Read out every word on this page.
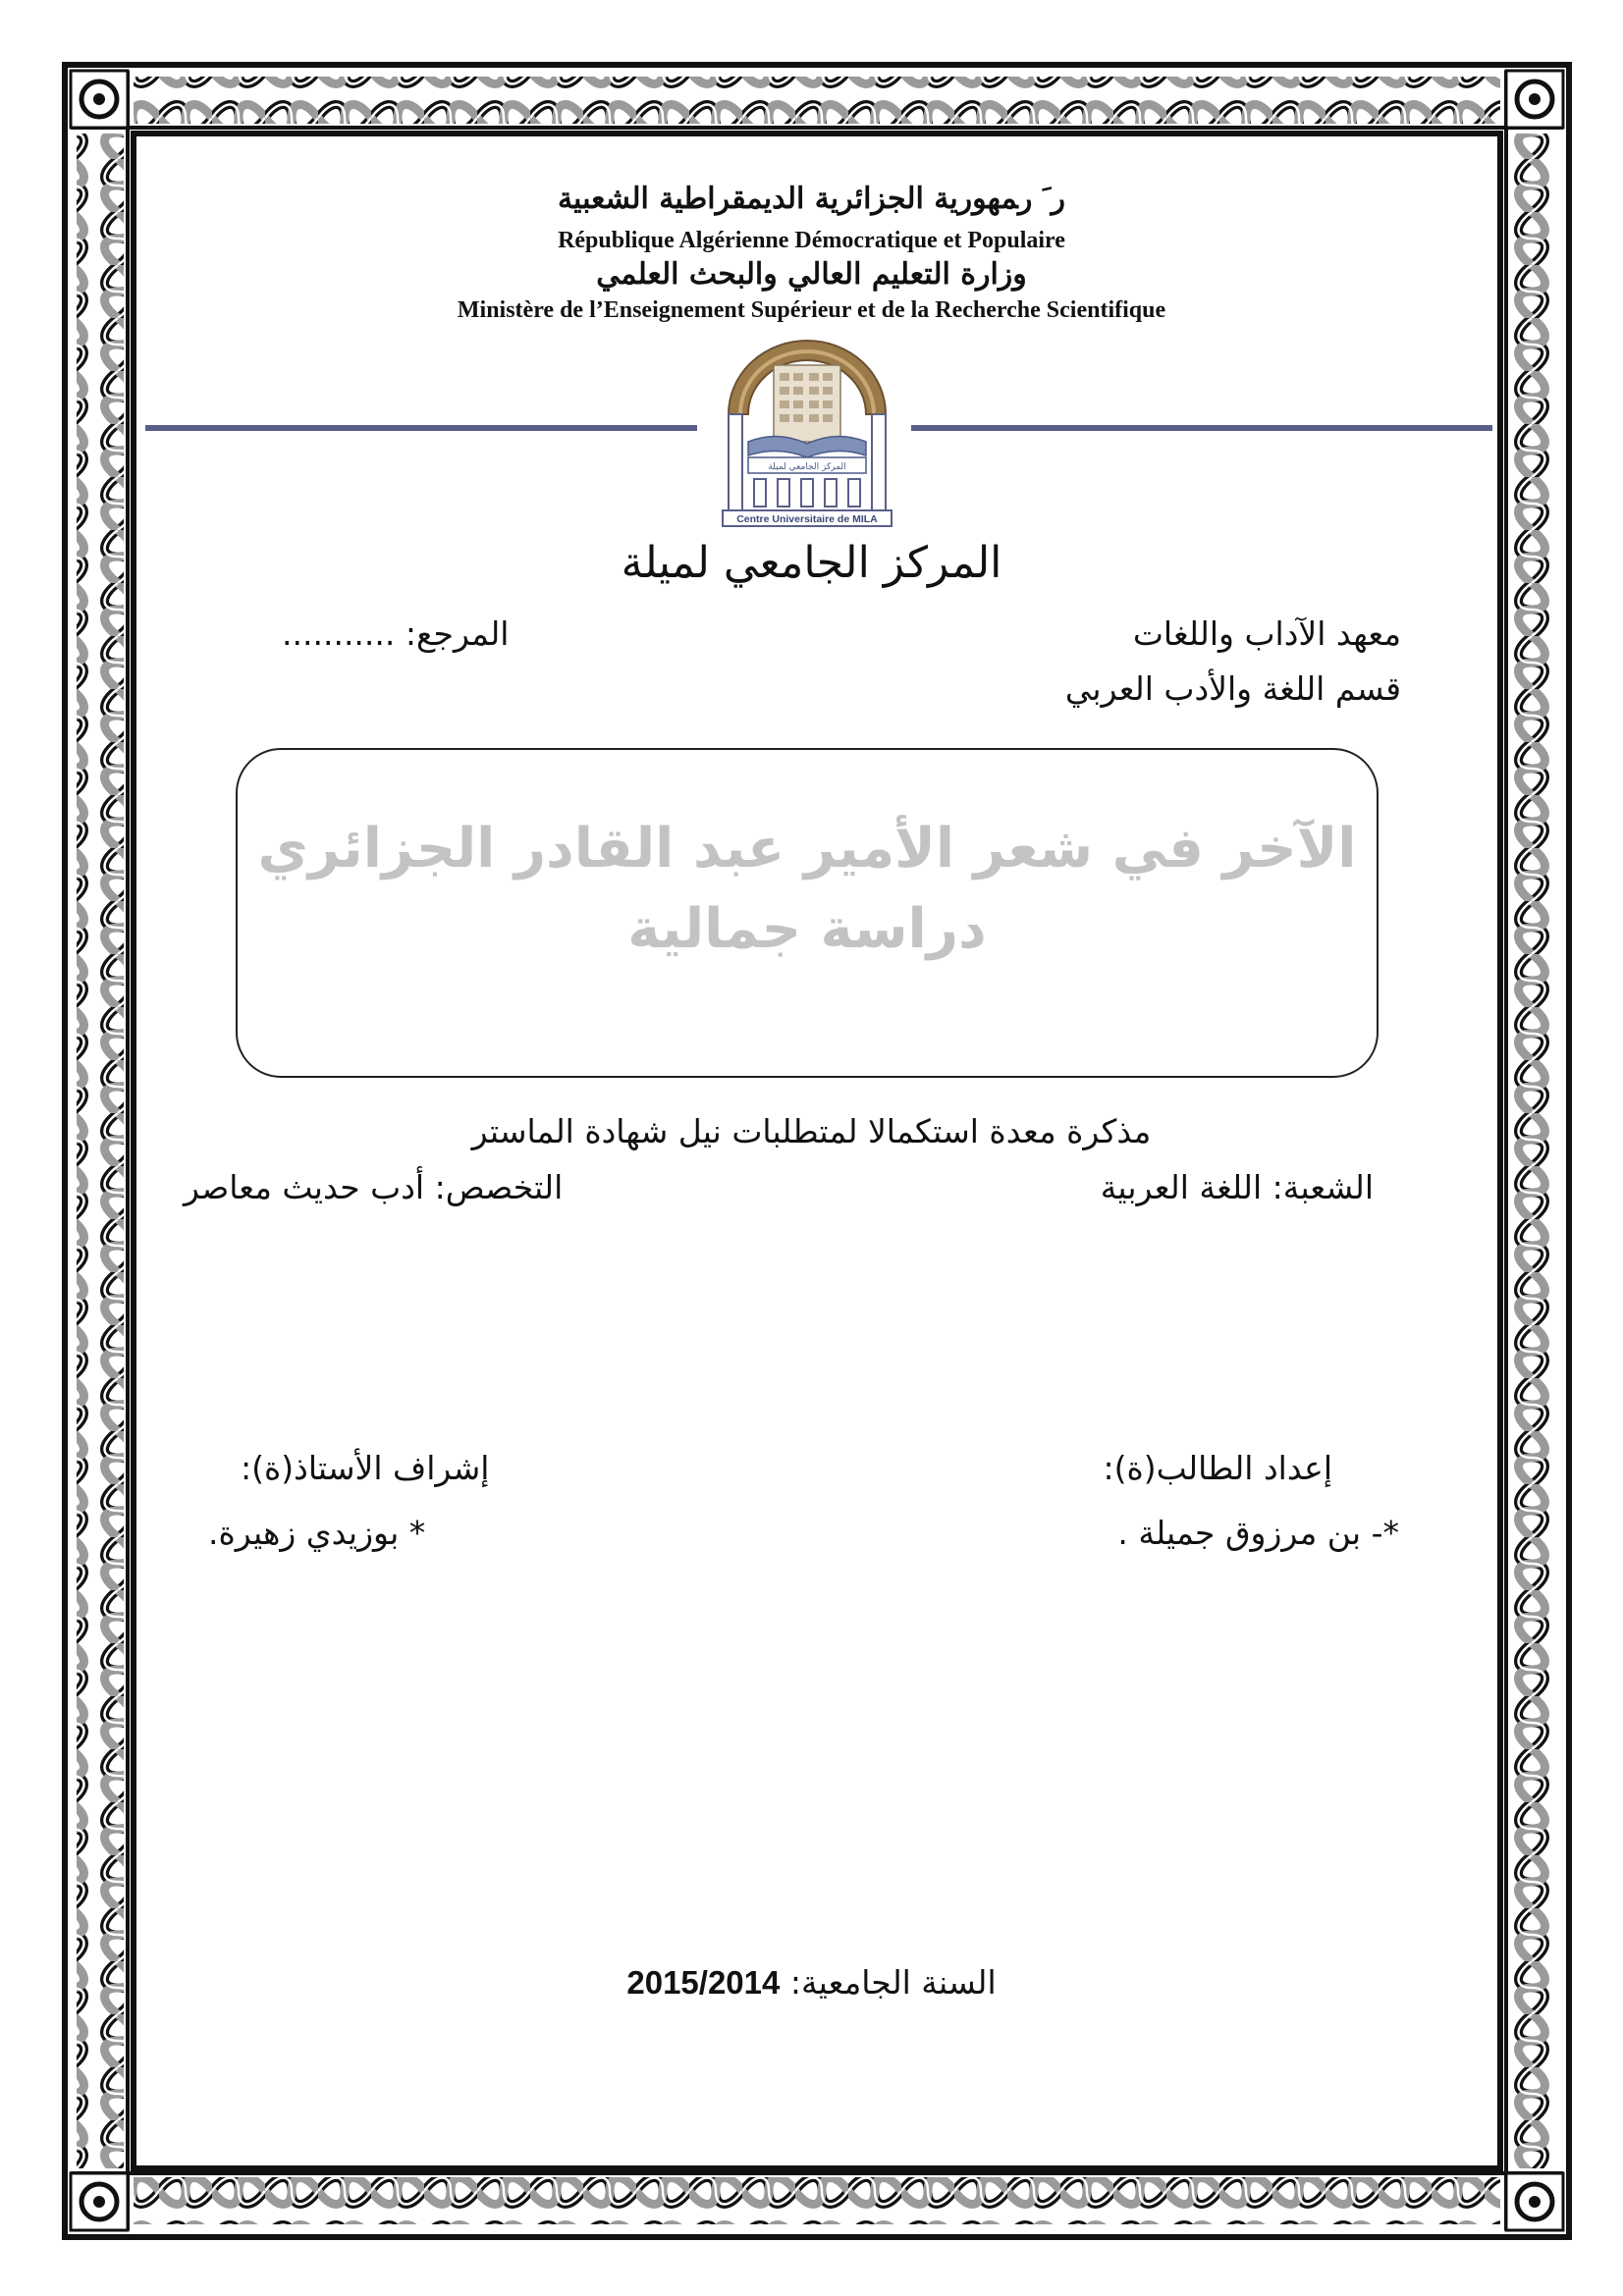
ﺭﹶ ﺭﻤﻬﻮﺭﻳﺔ ﺍﻟﺠﺰﺍﺋﺮﻳﺔ ﺍﻟﺪﻳﻤﻘﺮﺍﻃﻴﺔ ﺍﻟﺸﻌﺒﻴﺔ
République Algérienne Démocratique et Populaire
ﻭﺯﺍﺭﺓ ﺍﻟﺘﻌﻠﻴﻢ ﺍﻟﻌﺎﻟﻲ ﻭﺍﻟﺒﺤﺚ ﺍﻟﻌﻠﻤﻲ
Ministère de l’Enseignement Supérieur et de la Recherche Scientifique
المركز الجامعي لميلة
Centre Universitaire de MILA
المركز الجامعي لميلة
معهد الآداب واللغات
قسم اللغة والأدب العربي
المرجع: ...........
الآخر في شعر الأمير عبد القادر الجزائري
دراسة جمالية
مذكرة معدة استكمالا لمتطلبات نيل شهادة الماستر
الشعبة: اللغة العربية
التخصص: أدب حديث معاصر
إعداد الطالب(ة):
*- بن مرزوق جميلة .
إشراف الأستاذ(ة):
* بوزيدي زهيرة.
2015/2014 السنة الجامعية:
